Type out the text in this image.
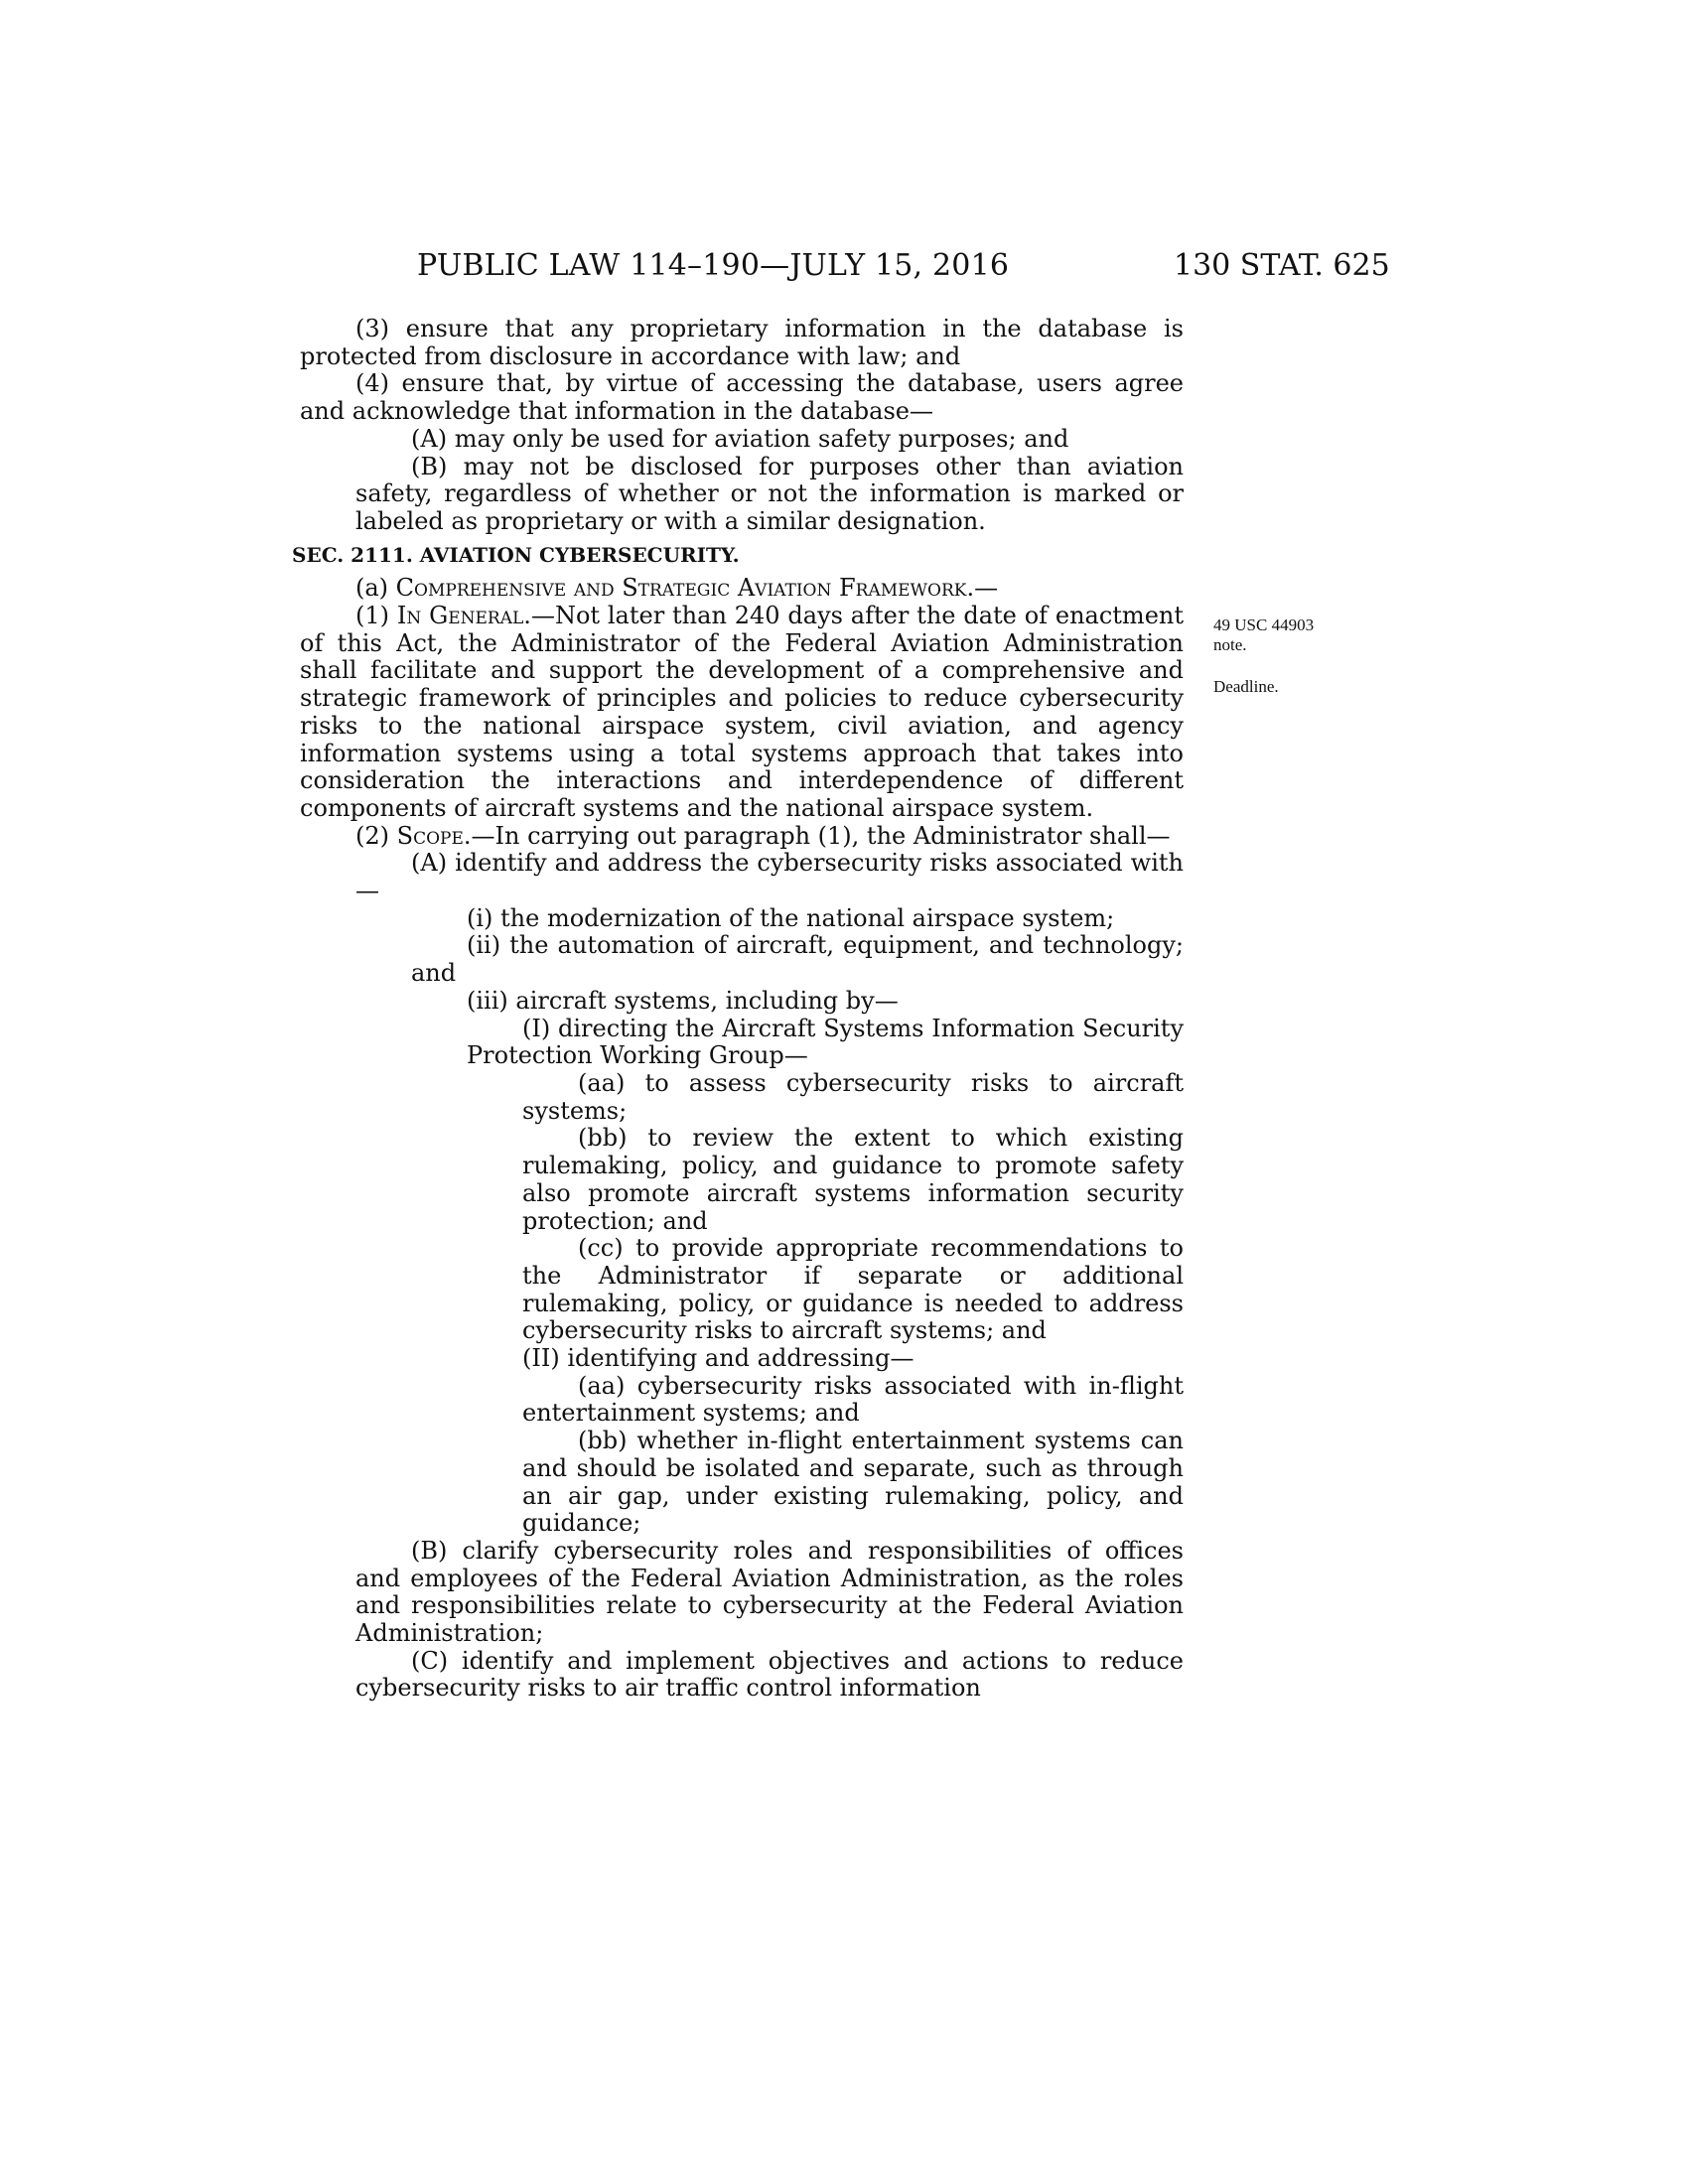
PUBLIC LAW 114–190—JULY 15, 2016	130 STAT. 625
49 USC 44903
note.
Deadline.

(3) ensure that any proprietary information in the database is protected from disclosure in accordance with law; and

(4) ensure that, by virtue of accessing the database, users agree and acknowledge that information in the database—

(A) may only be used for aviation safety purposes; and

(B) may not be disclosed for purposes other than aviation safety, regardless of whether or not the information is marked or labeled as proprietary or with a similar designation.

SEC. 2111. AVIATION CYBERSECURITY.

(a) Comprehensive and Strategic Aviation Framework.—

(1) In General.—Not later than 240 days after the date of enactment of this Act, the Administrator of the Federal Aviation Administration shall facilitate and support the development of a comprehensive and strategic framework of principles and policies to reduce cybersecurity risks to the national airspace system, civil aviation, and agency information systems using a total systems approach that takes into consideration the interactions and interdependence of different components of aircraft systems and the national airspace system.

(2) Scope.—In carrying out paragraph (1), the Administrator shall—

(A) identify and address the cybersecurity risks associated with—

(i) the modernization of the national airspace system;

(ii) the automation of aircraft, equipment, and technology; and

(iii) aircraft systems, including by—

(I) directing the Aircraft Systems Information Security Protection Working Group—

(aa) to assess cybersecurity risks to aircraft systems;

(bb) to review the extent to which existing rulemaking, policy, and guidance to promote safety also promote aircraft systems information security protection; and

(cc) to provide appropriate recommendations to the Administrator if separate or additional rulemaking, policy, or guidance is needed to address cybersecurity risks to aircraft systems; and

(II) identifying and addressing—

(aa) cybersecurity risks associated with in-flight entertainment systems; and

(bb) whether in-flight entertainment systems can and should be isolated and separate, such as through an air gap, under existing rulemaking, policy, and guidance;

(B) clarify cybersecurity roles and responsibilities of offices and employees of the Federal Aviation Administration, as the roles and responsibilities relate to cybersecurity at the Federal Aviation Administration;

(C) identify and implement objectives and actions to reduce cybersecurity risks to air traffic control information
